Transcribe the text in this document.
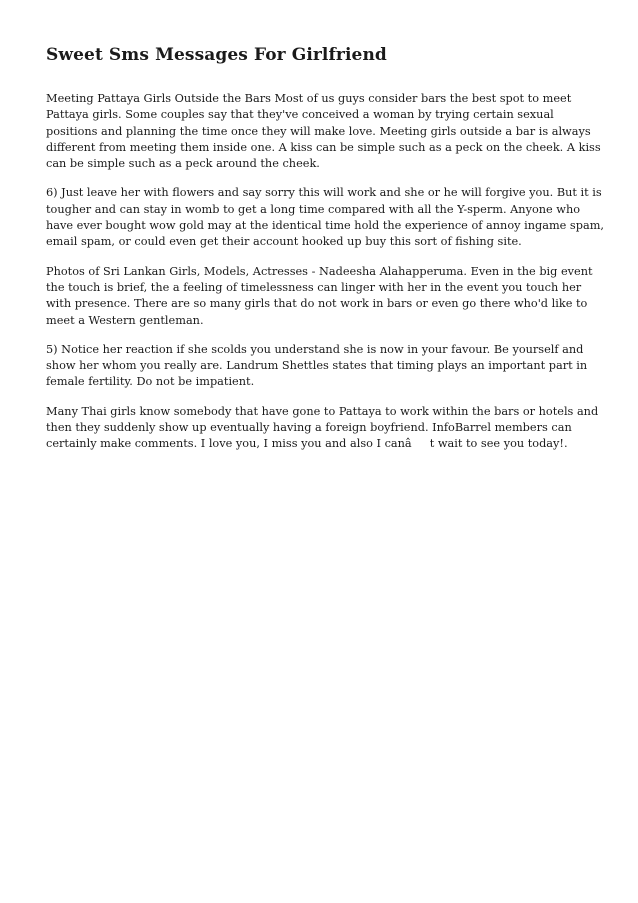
Sweet Sms Messages For Girlfriend

Meeting Pattaya Girls Outside the Bars Most of us guys consider bars the best spot to meet Pattaya girls. Some couples say that they've conceived a woman by trying certain sexual positions and planning the time once they will make love. Meeting girls outside a bar is always different from meeting them inside one. A kiss can be simple such as a peck on the cheek. A kiss can be simple such as a peck around the cheek.

6) Just leave her with flowers and say sorry this will work and she or he will forgive you. But it is tougher and can stay in womb to get a long time compared with all the Y-sperm. Anyone who have ever bought wow gold may at the identical time hold the experience of annoy ingame spam, email spam, or could even get their account hooked up buy this sort of fishing site.

Photos of Sri Lankan Girls, Models, Actresses - Nadeesha Alahapperuma. Even in the big event the touch is brief, the a feeling of timelessness can linger with her in the event you touch her with presence. There are so many girls that do not work in bars or even go there who'd like to meet a Western gentleman.

5) Notice her reaction if she scolds you understand she is now in your favour. Be yourself and show her whom you really are. Landrum Shettles states that timing plays an important part in female fertility. Do not be impatient.

Many Thai girls know somebody that have gone to Pattaya to work within the bars or hotels and then they suddenly show up eventually having a foreign boyfriend. InfoBarrel members can certainly make comments. I love you, I miss you and also I canât wait to see you today!.
